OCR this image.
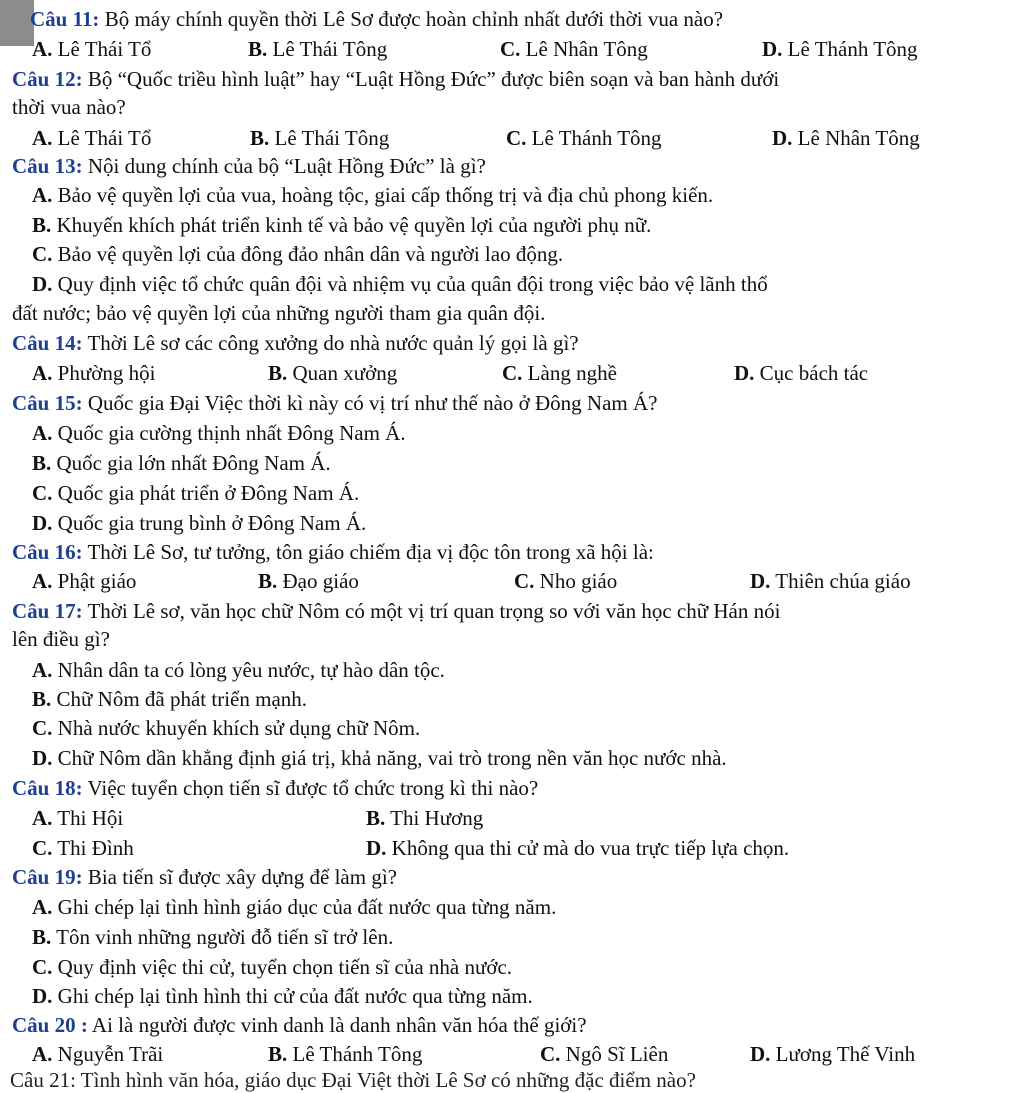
Câu 11: Bộ máy chính quyền thời Lê Sơ được hoàn chỉnh nhất dưới thời vua nào?
A. Lê Thái Tổ	B. Lê Thái Tông	C. Lê Nhân Tông	D. Lê Thánh Tông
Câu 12: Bộ “Quốc triều hình luật” hay “Luật Hồng Đức” được biên soạn và ban hành dưới
thời vua nào?
A. Lê Thái Tổ	B. Lê Thái Tông	C. Lê Thánh Tông	D. Lê Nhân Tông
Câu 13: Nội dung chính của bộ “Luật Hồng Đức” là gì?
A. Bảo vệ quyền lợi của vua, hoàng tộc, giai cấp thống trị và địa chủ phong kiến.
B. Khuyến khích phát triển kinh tế và bảo vệ quyền lợi của người phụ nữ.
C. Bảo vệ quyền lợi của đông đảo nhân dân và người lao động.
D. Quy định việc tổ chức quân đội và nhiệm vụ của quân đội trong việc bảo vệ lãnh thổ
đất nước; bảo vệ quyền lợi của những người tham gia quân đội.
Câu 14: Thời Lê sơ các công xưởng do nhà nước quản lý gọi là gì?
A. Phường hội	B. Quan xưởng	C. Làng nghề	D. Cục bách tác
Câu 15: Quốc gia Đại Việc thời kì này có vị trí như thế nào ở Đông Nam Á?
A. Quốc gia cường thịnh nhất Đông Nam Á.
B. Quốc gia lớn nhất Đông Nam Á.
C. Quốc gia phát triển ở Đông Nam Á.
D. Quốc gia trung bình ở Đông Nam Á.
Câu 16: Thời Lê Sơ, tư tưởng, tôn giáo chiếm địa vị độc tôn trong xã hội là:
A. Phật giáo	B. Đạo giáo	C. Nho giáo	D. Thiên chúa giáo
Câu 17: Thời Lê sơ, văn học chữ Nôm có một vị trí quan trọng so với văn học chữ Hán nói
lên điều gì?
A. Nhân dân ta có lòng yêu nước, tự hào dân tộc.
B. Chữ Nôm đã phát triển mạnh.
C. Nhà nước khuyến khích sử dụng chữ Nôm.
D. Chữ Nôm dần khẳng định giá trị, khả năng, vai trò trong nền văn học nước nhà.
Câu 18: Việc tuyển chọn tiến sĩ được tổ chức trong kì thi nào?
A. Thi Hội	B. Thi Hương
C. Thi Đình	D. Không qua thi cử mà do vua trực tiếp lựa chọn.
Câu 19: Bia tiến sĩ được xây dựng để làm gì?
A. Ghi chép lại tình hình giáo dục của đất nước qua từng năm.
B. Tôn vinh những người đỗ tiến sĩ trở lên.
C. Quy định việc thi cử, tuyển chọn tiến sĩ của nhà nước.
D. Ghi chép lại tình hình thi cử của đất nước qua từng năm.
Câu 20 : Ai là người được vinh danh là danh nhân văn hóa thế giới?
A. Nguyễn Trãi	B. Lê Thánh Tông	C. Ngô Sĩ Liên	D. Lương Thế Vinh
Câu 21: Tình hình văn hóa, giáo dục Đại Việt thời Lê Sơ có những đặc điểm nào?
